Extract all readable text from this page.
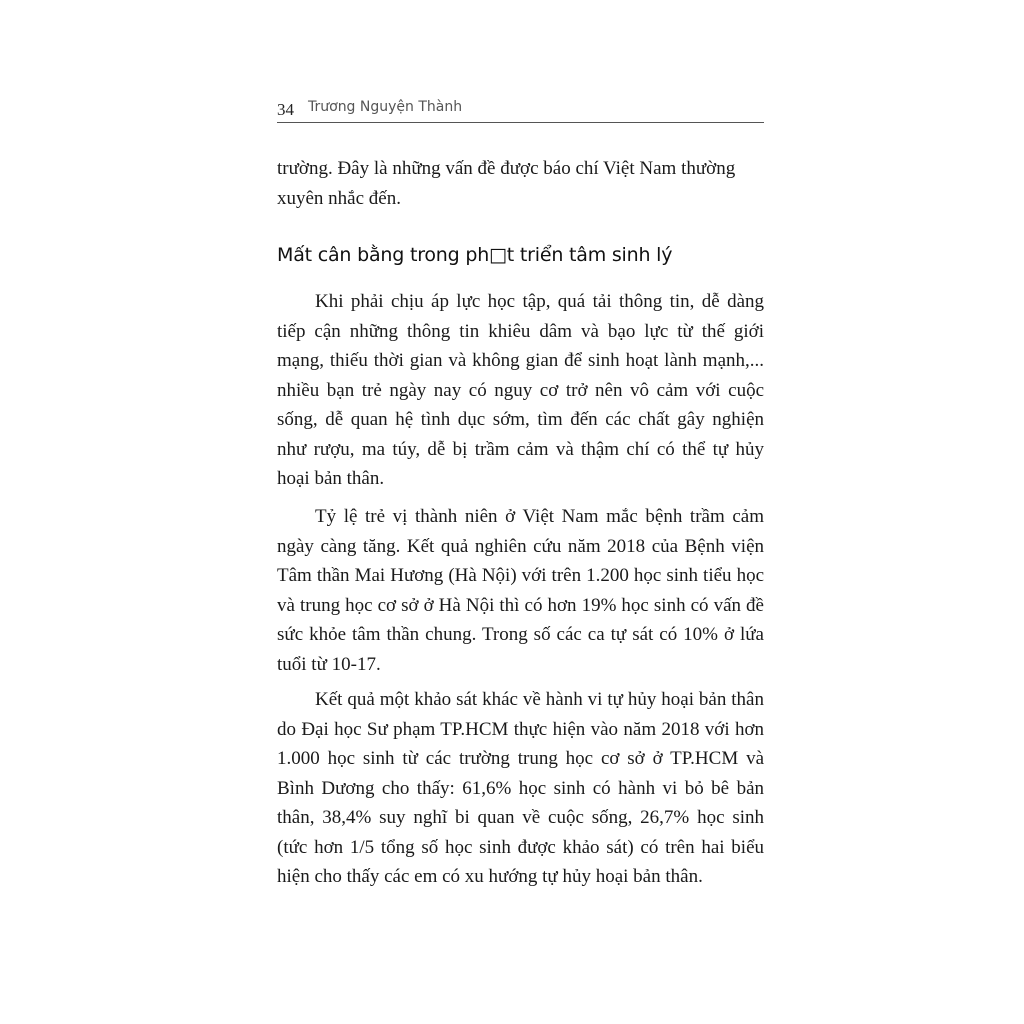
34 Trương Nguyện Thành

trường. Đây là những vấn đề được báo chí Việt Nam thường xuyên nhắc đến.

Mất cân bằng trong ph□t triển tâm sinh lý

Khi phải chịu áp lực học tập, quá tải thông tin, dễ dàng tiếp cận những thông tin khiêu dâm và bạo lực từ thế giới mạng, thiếu thời gian và không gian để sinh hoạt lành mạnh,... nhiều bạn trẻ ngày nay có nguy cơ trở nên vô cảm với cuộc sống, dễ quan hệ tình dục sớm, tìm đến các chất gây nghiện như rượu, ma túy, dễ bị trầm cảm và thậm chí có thể tự hủy hoại bản thân.

Tỷ lệ trẻ vị thành niên ở Việt Nam mắc bệnh trầm cảm ngày càng tăng. Kết quả nghiên cứu năm 2018 của Bệnh viện Tâm thần Mai Hương (Hà Nội) với trên 1.200 học sinh tiểu học và trung học cơ sở ở Hà Nội thì có hơn 19% học sinh có vấn đề sức khỏe tâm thần chung. Trong số các ca tự sát có 10% ở lứa tuổi từ 10-17.

Kết quả một khảo sát khác về hành vi tự hủy hoại bản thân do Đại học Sư phạm TP.HCM thực hiện vào năm 2018 với hơn 1.000 học sinh từ các trường trung học cơ sở ở TP.HCM và Bình Dương cho thấy: 61,6% học sinh có hành vi bỏ bê bản thân, 38,4% suy nghĩ bi quan về cuộc sống, 26,7% học sinh (tức hơn 1/5 tổng số học sinh được khảo sát) có trên hai biểu hiện cho thấy các em có xu hướng tự hủy hoại bản thân.
